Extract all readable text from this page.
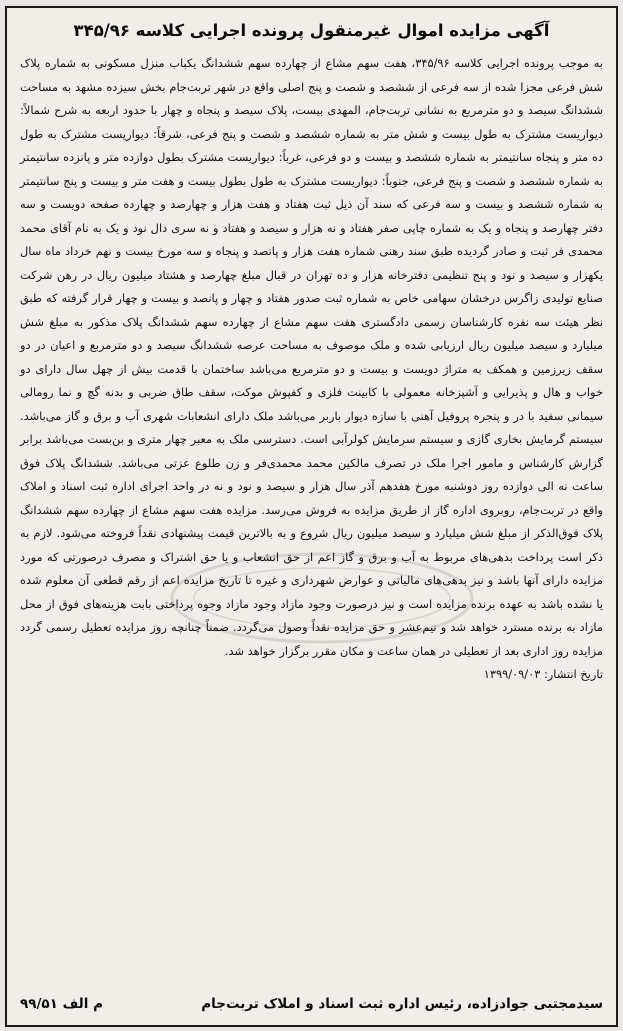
آگهی مزایده اموال غیرمنقول پرونده اجرایی کلاسه ۳۴۵/۹۶

به موجب پرونده اجرایی کلاسه ۳۴۵/۹۶، هفت سهم مشاع از چهارده سهم ششدانگ یکباب منزل مسکونی به شماره پلاک شش فرعی مجزا شده از سه فرعی از ششصد و شصت و پنج اصلی واقع در شهر تربت‌جام بخش سیزده مشهد به مساحت ششدانگ سیصد و دو مترمربع به نشانی تربت‌جام، المهدی بیست، پلاک سیصد و پنجاه و چهار با حدود اربعه به شرح شمالاً: دیواریست مشترک به طول بیست و شش متر به شماره ششصد و شصت و پنج فرعی، شرقاً: دیواریست مشترک به طول ده متر و پنجاه سانتیمتر به شماره ششصد و بیست و دو فرعی، غرباً: دیواریست مشترک بطول دوازده متر و پانزده سانتیمتر به شماره ششصد و شصت و پنج فرعی، جنوباً: دیواریست مشترک به طول بطول بیست و هفت متر و بیست و پنج سانتیمتر به شماره ششصد و بیست و سه فرعی که سند آن ذیل ثبت هفتاد و هفت هزار و چهارصد و چهارده صفحه دویست و سه دفتر چهارصد و پنجاه و یک به شماره چاپی صفر هفتاد و نه هزار و سیصد و هفتاد و نه سری دال نود و یک به نام آقای محمد محمدی فر ثبت و صادر گردیده طبق سند رهنی شماره هفت هزار و پانصد و پنجاه و سه مورخ بیست و نهم خرداد ماه سال یکهزار و سیصد و نود و پنج تنظیمی دفترخانه هزار و ده تهران در قبال مبلغ چهارصد و هشتاد میلیون ریال در رهن شرکت صنایع تولیدی زاگرس درخشان سهامی خاص به شماره ثبت صدور هفتاد و چهار و پانصد و بیست و چهار قرار گرفته که طبق نظر هیئت سه نفره کارشناسان رسمی دادگستری هفت سهم مشاع از چهارده سهم ششدانگ پلاک مذکور به مبلغ شش میلیارد و سیصد میلیون ریال ارزیابی شده و ملک موصوف به مساحت عرصه ششدانگ سیصد و دو مترمربع و اعیان در دو سقف زیرزمین و همکف به متراژ دویست و بیست و دو مترمربع می‌باشد ساختمان با قدمت بیش از چهل سال دارای دو خواب و هال و پذیرایی و آشپزخانه معمولی با کابینت فلزی و کفپوش موکت، سقف طاق ضربی و بدنه گچ و نما رومالی سیمانی سفید با در و پنجره پروفیل آهنی با سازه دیوار باربر می‌باشد ملک دارای انشعابات شهری آب و برق و گاز می‌باشد. سیستم گرمایش بخاری گازی و سیستم سرمایش کولرآبی است. دسترسی ملک به معبر چهار متری و بن‌بست می‌باشد برابر گزارش کارشناس و مامور اجرا ملک در تصرف مالکین محمد محمدی‌فر و زن طلوع عزتی می‌باشد. ششدانگ پلاک فوق ساعت نه الی دوازده روز دوشنبه مورخ هفدهم آذر سال هزار و سیصد و نود و نه در واحد اجرای اداره ثبت اسناد و املاک واقع در تربت‌جام، روبروی اداره گاز از طریق مزایده به فروش می‌رسد. مزایده هفت سهم مشاع از چهارده سهم ششدانگ پلاک فوق‌الذکر از مبلغ شش میلیارد و سیصد میلیون ریال شروع و به بالاترین قیمت پیشنهادی نقداً فروخته می‌شود. لازم به ذکر است پرداخت بدهی‌های مربوط به آب و برق و گاز اعم از حق انشعاب و یا حق اشتراک و مصرف درصورتی که مورد مزایده دارای آنها باشد و نیز بدهی‌های مالیاتی و عوارض شهرداری و غیره تا تاریخ مزایده اعم از رقم قطعی آن معلوم شده یا نشده باشد به عهده برنده مزایده است و نیز درصورت وجود مازاد وجود مازاد وجوه پرداختی بابت هزینه‌های فوق از محل مازاد به برنده مسترد خواهد شد و نیم‌عشر و حق مزایده نقداً وصول می‌گردد. ضمناً چنانچه روز مزایده تعطیل رسمی گردد مزایده روز اداری بعد از تعطیلی در همان ساعت و مکان مقرر برگزار خواهد شد.

تاریخ انتشار: ۱۳۹۹/۰۹/۰۳

سیدمجتبی جوادزاده، رئیس اداره ثبت اسناد و املاک تربت‌جام
م الف ۹۹/۵۱
